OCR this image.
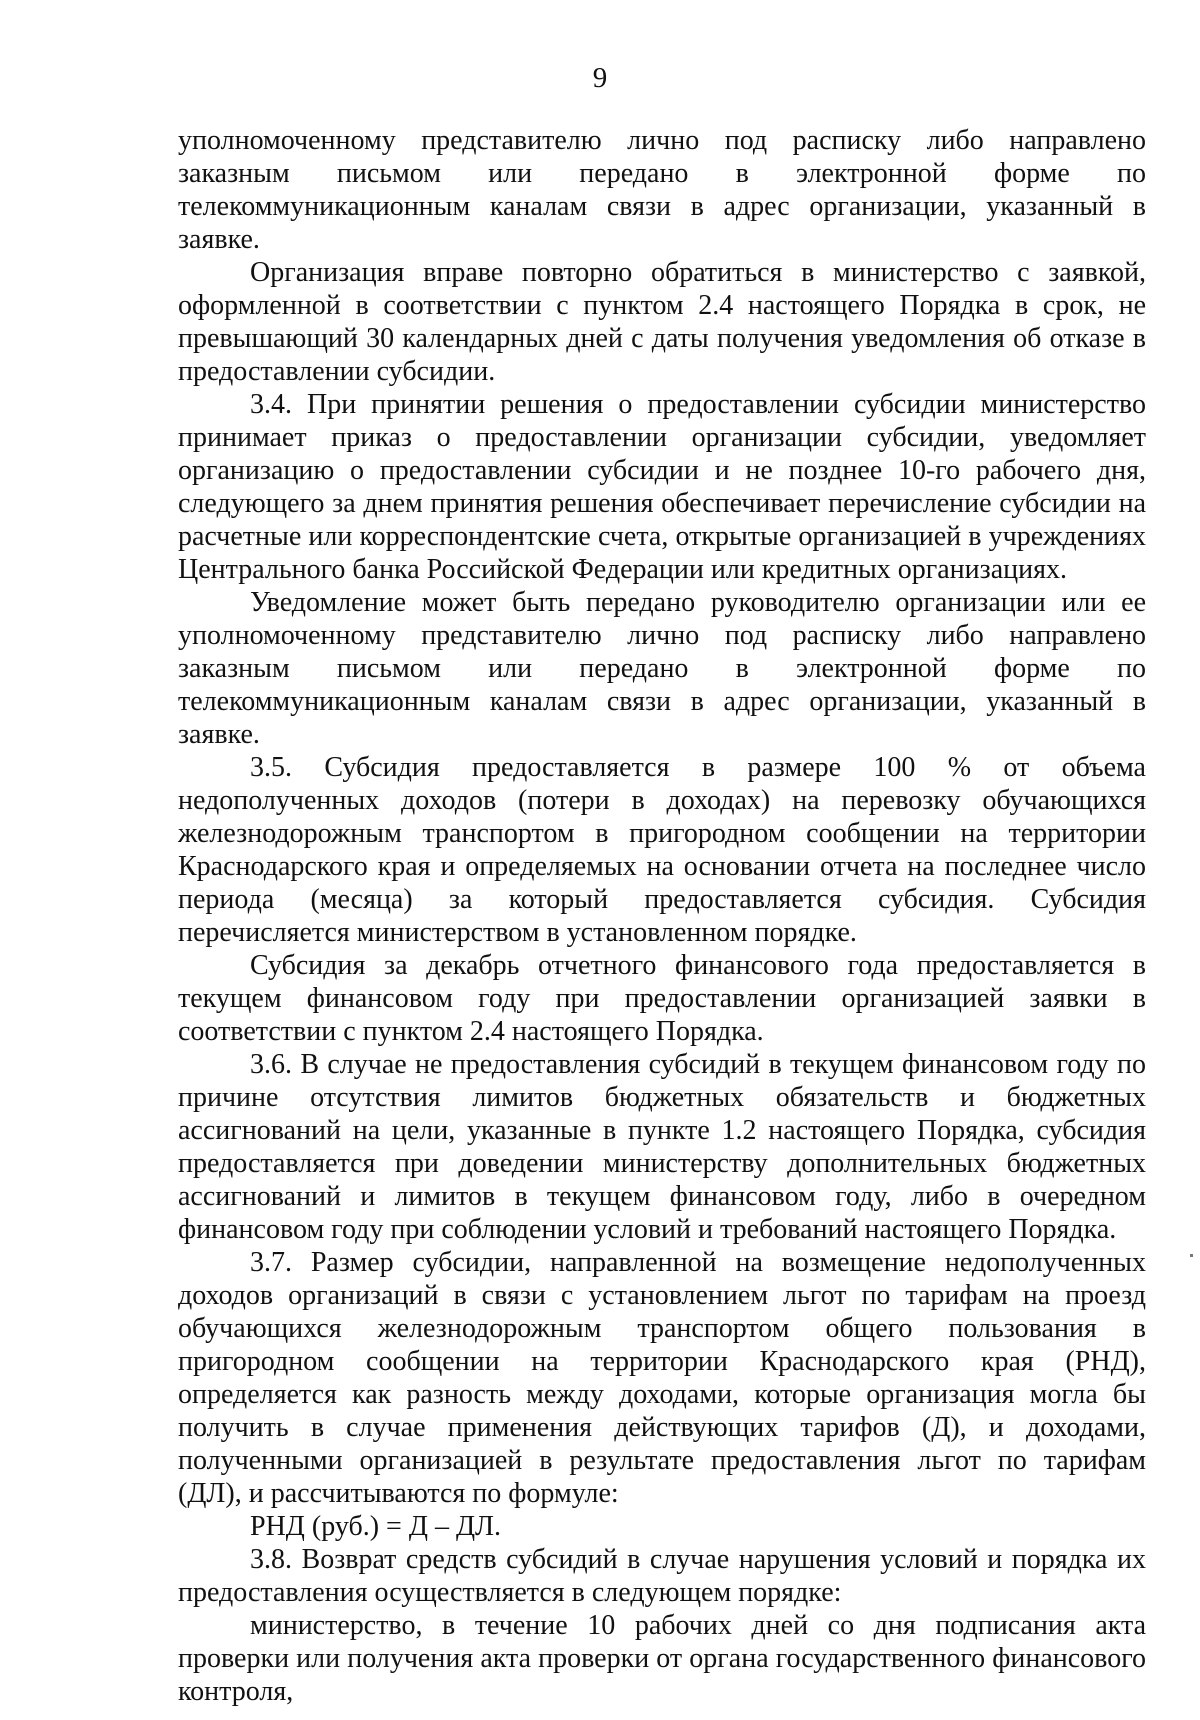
9

уполномоченному представителю лично под расписку либо направлено заказным письмом или передано в электронной форме по телекоммуникационным каналам связи в адрес организации, указанный в заявке.

Организация вправе повторно обратиться в министерство с заявкой, оформленной в соответствии с пунктом 2.4 настоящего Порядка в срок, не превышающий 30 календарных дней с даты получения уведомления об отказе в предоставлении субсидии.

3.4. При принятии решения о предоставлении субсидии министерство принимает приказ о предоставлении организации субсидии, уведомляет организацию о предоставлении субсидии и не позднее 10-го рабочего дня, следующего за днем принятия решения обеспечивает перечисление субсидии на расчетные или корреспондентские счета, открытые организацией в учреждениях Центрального банка Российской Федерации или кредитных организациях.

Уведомление может быть передано руководителю организации или ее уполномоченному представителю лично под расписку либо направлено заказным письмом или передано в электронной форме по телекоммуникационным каналам связи в адрес организации, указанный в заявке.

3.5. Субсидия предоставляется в размере 100 % от объема недополученных доходов (потери в доходах) на перевозку обучающихся железнодорожным транспортом в пригородном сообщении на территории Краснодарского края и определяемых на основании отчета на последнее число периода (месяца) за который предоставляется субсидия. Субсидия перечисляется министерством в установленном порядке.

Субсидия за декабрь отчетного финансового года предоставляется в текущем финансовом году при предоставлении организацией заявки в соответствии с пунктом 2.4 настоящего Порядка.

3.6. В случае не предоставления субсидий в текущем финансовом году по причине отсутствия лимитов бюджетных обязательств и бюджетных ассигнований на цели, указанные в пункте 1.2 настоящего Порядка, субсидия предоставляется при доведении министерству дополнительных бюджетных ассигнований и лимитов в текущем финансовом году, либо в очередном финансовом году при соблюдении условий и требований настоящего Порядка.

3.7. Размер субсидии, направленной на возмещение недополученных доходов организаций в связи с установлением льгот по тарифам на проезд обучающихся железнодорожным транспортом общего пользования в пригородном сообщении на территории Краснодарского края (РНД), определяется как разность между доходами, которые организация могла бы получить в случае применения действующих тарифов (Д), и доходами, полученными организацией в результате предоставления льгот по тарифам (ДЛ), и рассчитываются по формуле:

РНД (руб.) = Д – ДЛ.

3.8. Возврат средств субсидий в случае нарушения условий и порядка их предоставления осуществляется в следующем порядке:

министерство, в течение 10 рабочих дней со дня подписания акта проверки или получения акта проверки от органа государственного финансового контроля,
